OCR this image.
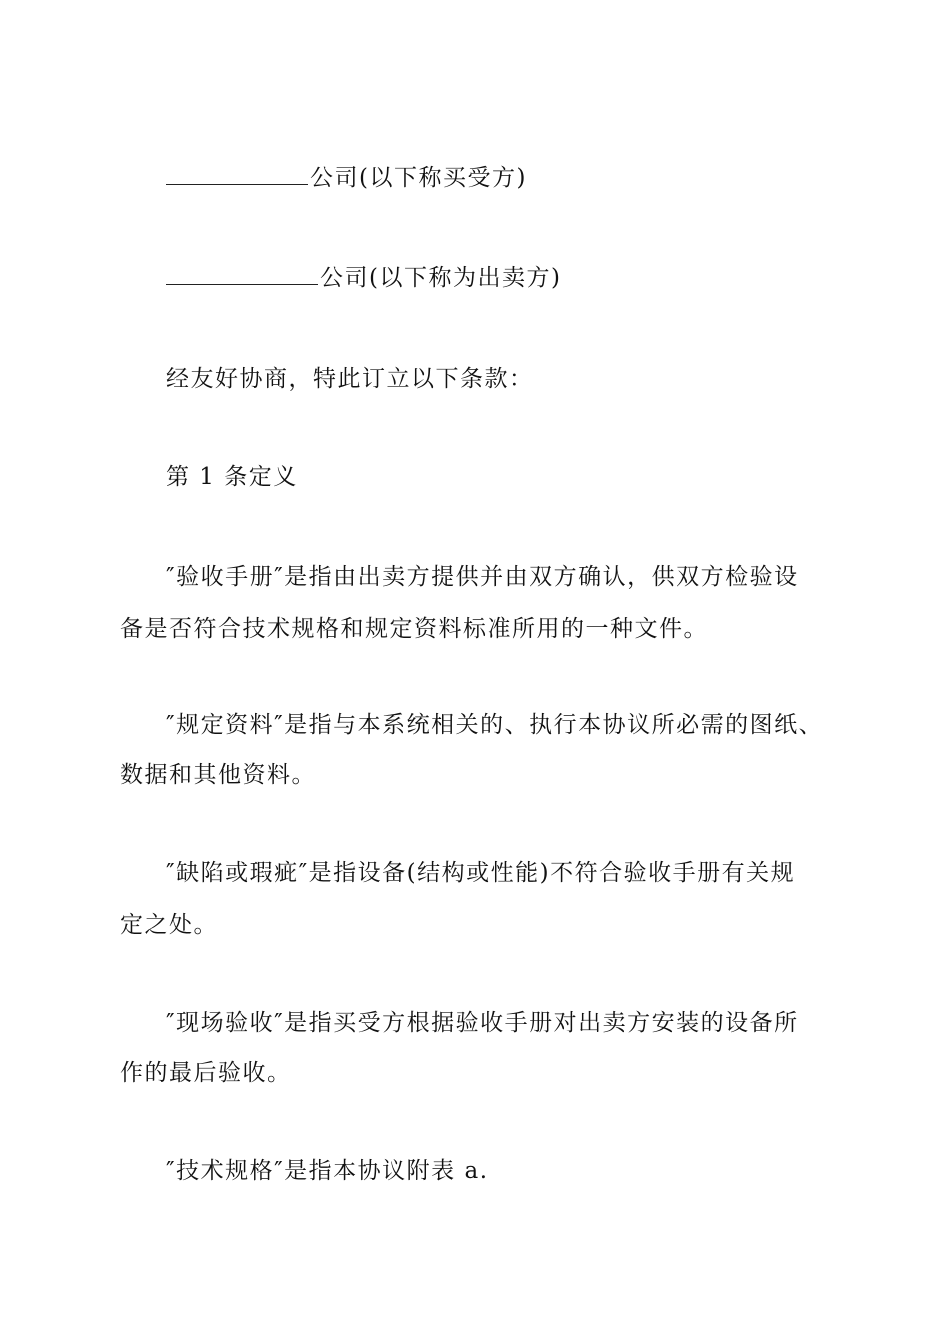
公司(以下称买受方)
公司(以下称为出卖方)
经友好协商，特此订立以下条款：
第 1 条定义
″验收手册″是指由出卖方提供并由双方确认，供双方检验设
备是否符合技术规格和规定资料标准所用的一种文件。
″规定资料″是指与本系统相关的、执行本协议所必需的图纸、
数据和其他资料。
″缺陷或瑕疵″是指设备(结构或性能)不符合验收手册有关规
定之处。
″现场验收″是指买受方根据验收手册对出卖方安装的设备所
作的最后验收。
″技术规格″是指本协议附表 a.
